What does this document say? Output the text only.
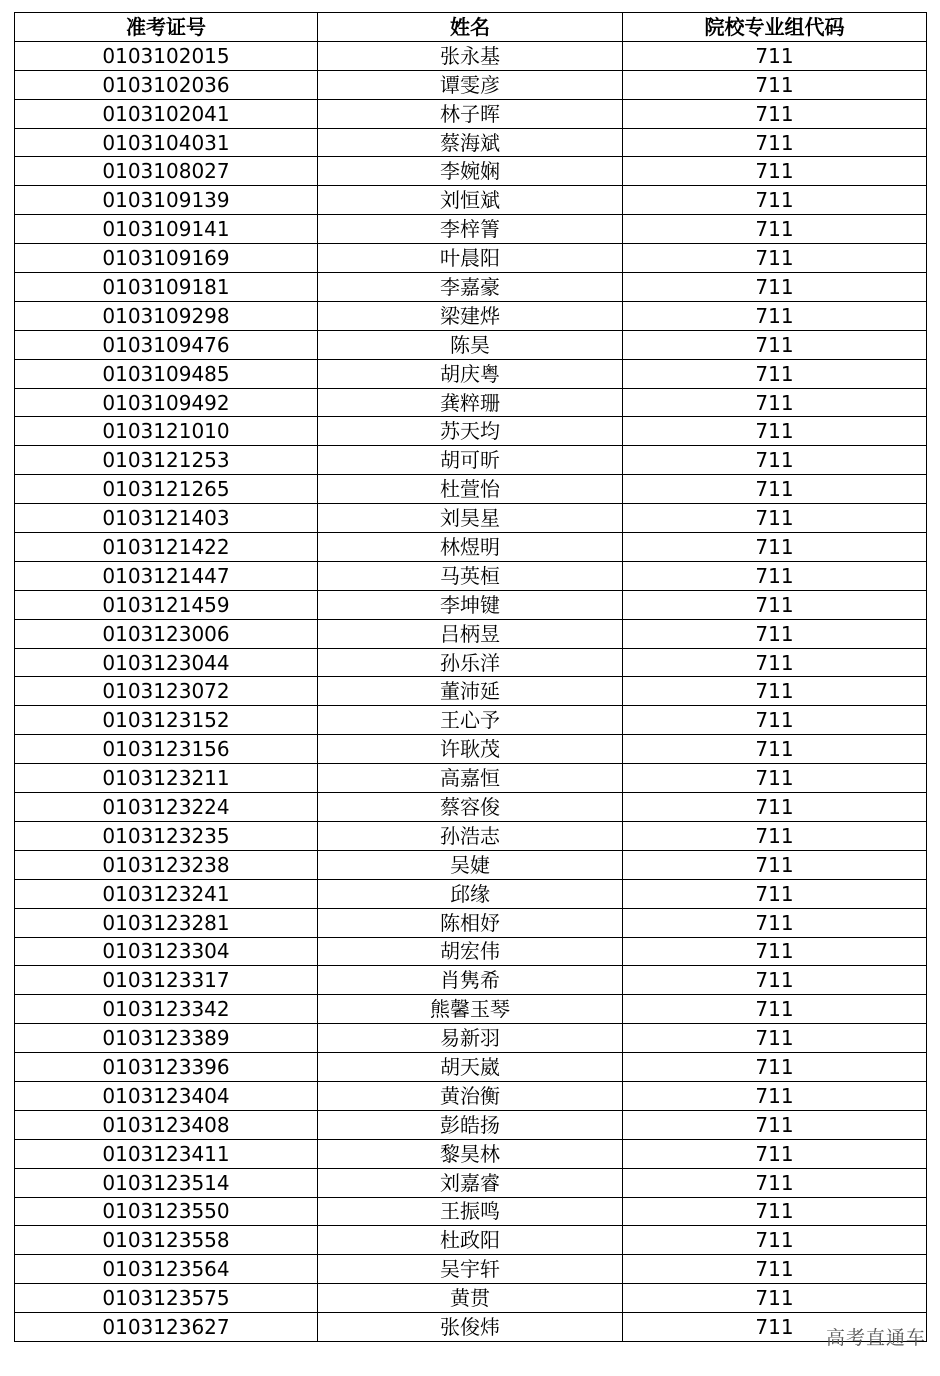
准考证号	姓名	院校专业组代码
0103102015	张永基	711
0103102036	谭雯彦	711
0103102041	林子晖	711
0103104031	蔡海斌	711
0103108027	李婉娴	711
0103109139	刘恒斌	711
0103109141	李梓箐	711
0103109169	叶晨阳	711
0103109181	李嘉豪	711
0103109298	梁建烨	711
0103109476	陈昊	711
0103109485	胡庆粤	711
0103109492	龚粹珊	711
0103121010	苏天均	711
0103121253	胡可昕	711
0103121265	杜萱怡	711
0103121403	刘昊星	711
0103121422	林煜明	711
0103121447	马英桓	711
0103121459	李坤键	711
0103123006	吕柄昱	711
0103123044	孙乐洋	711
0103123072	董沛延	711
0103123152	王心予	711
0103123156	许耿茂	711
0103123211	高嘉恒	711
0103123224	蔡容俊	711
0103123235	孙浩志	711
0103123238	吴婕	711
0103123241	邱缘	711
0103123281	陈相妤	711
0103123304	胡宏伟	711
0103123317	肖隽希	711
0103123342	熊馨玉琴	711
0103123389	易新羽	711
0103123396	胡天崴	711
0103123404	黄治衡	711
0103123408	彭皓扬	711
0103123411	黎昊林	711
0103123514	刘嘉睿	711
0103123550	王振鸣	711
0103123558	杜政阳	711
0103123564	吴宇轩	711
0103123575	黄贯	711
0103123627	张俊炜	711 高考直通车
